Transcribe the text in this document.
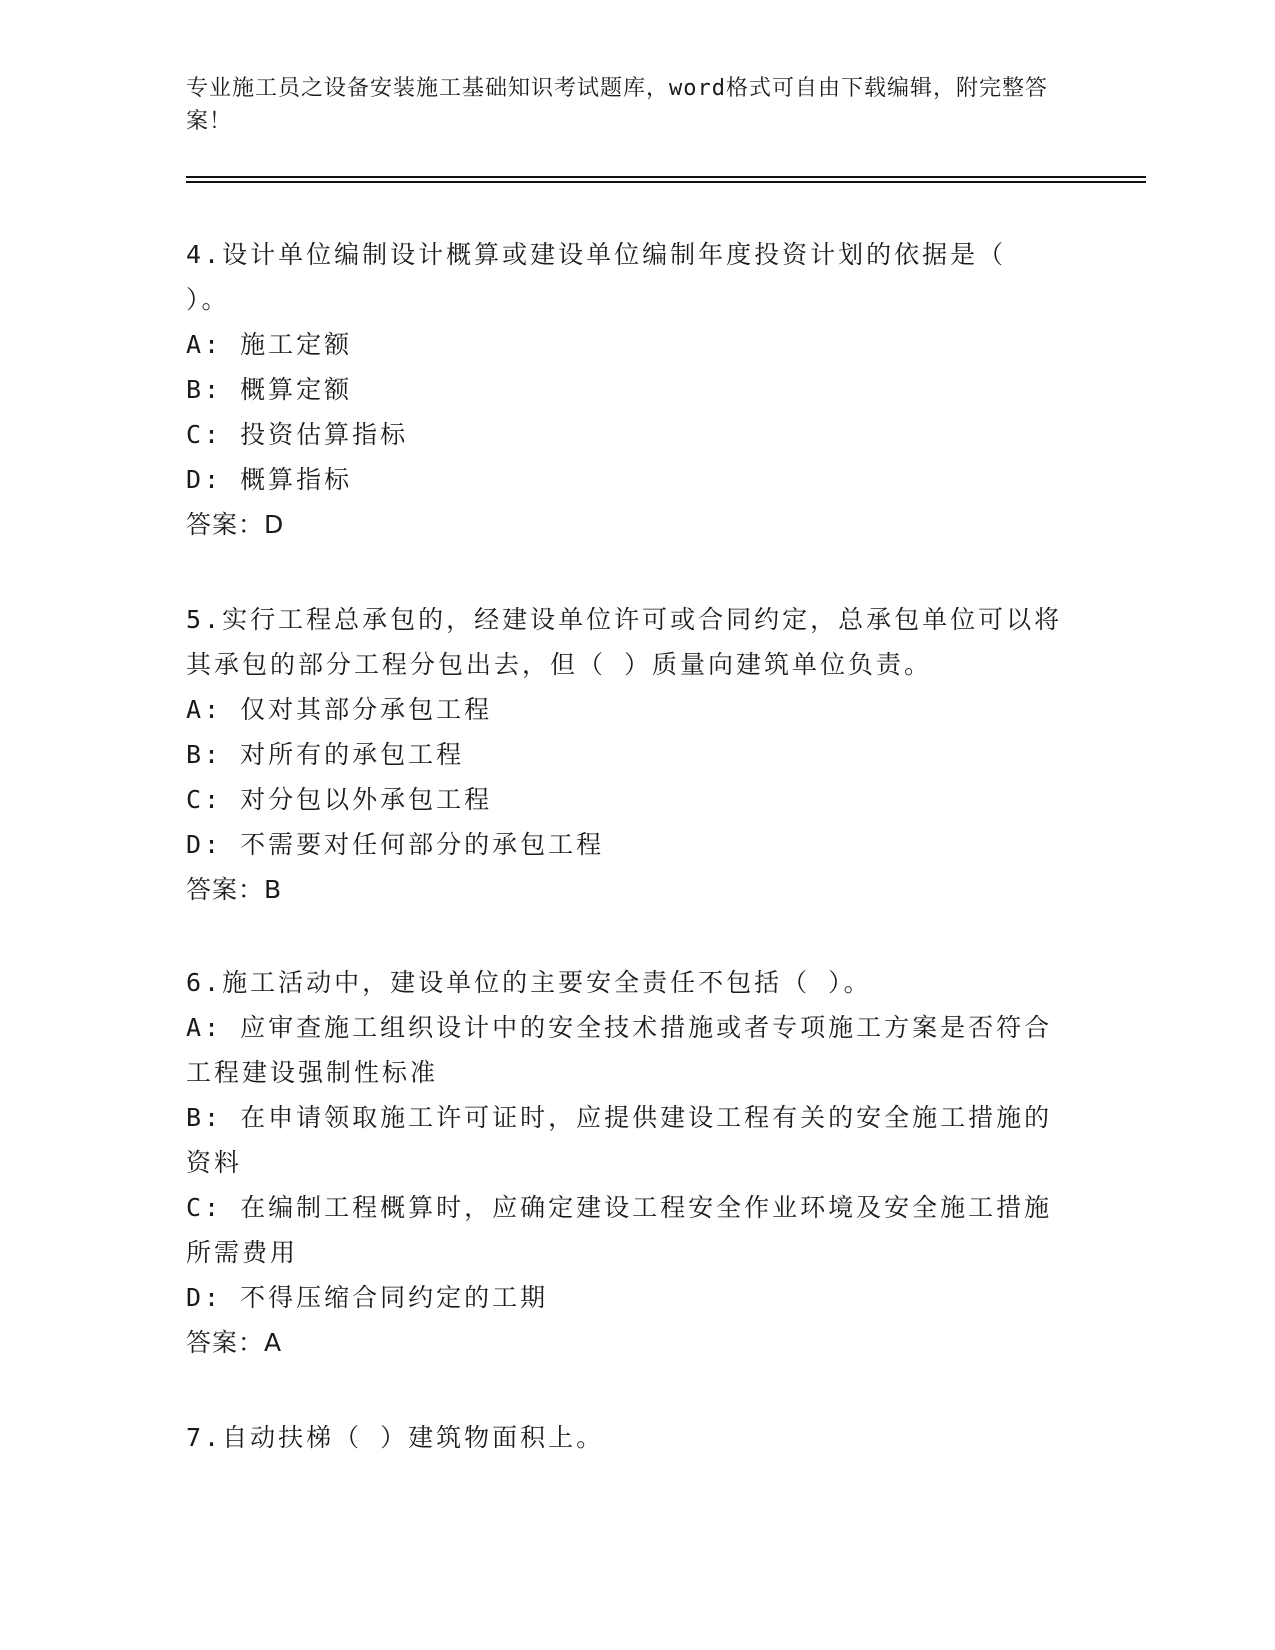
专业施工员之设备安装施工基础知识考试题库，word格式可自由下载编辑，附完整答案！

4.设计单位编制设计概算或建设单位编制年度投资计划的依据是（ ）。

A: 施工定额

B: 概算定额

C: 投资估算指标

D: 概算指标

答案：D

5.实行工程总承包的，经建设单位许可或合同约定，总承包单位可以将其承包的部分工程分包出去，但（ ）质量向建筑单位负责。

A: 仅对其部分承包工程

B: 对所有的承包工程

C: 对分包以外承包工程

D: 不需要对任何部分的承包工程

答案：B

6.施工活动中，建设单位的主要安全责任不包括（ ）。

A: 应审查施工组织设计中的安全技术措施或者专项施工方案是否符合工程建设强制性标准

B: 在申请领取施工许可证时，应提供建设工程有关的安全施工措施的资料

C: 在编制工程概算时，应确定建设工程安全作业环境及安全施工措施所需费用

D: 不得压缩合同约定的工期

答案：A

7.自动扶梯（ ）建筑物面积上。
